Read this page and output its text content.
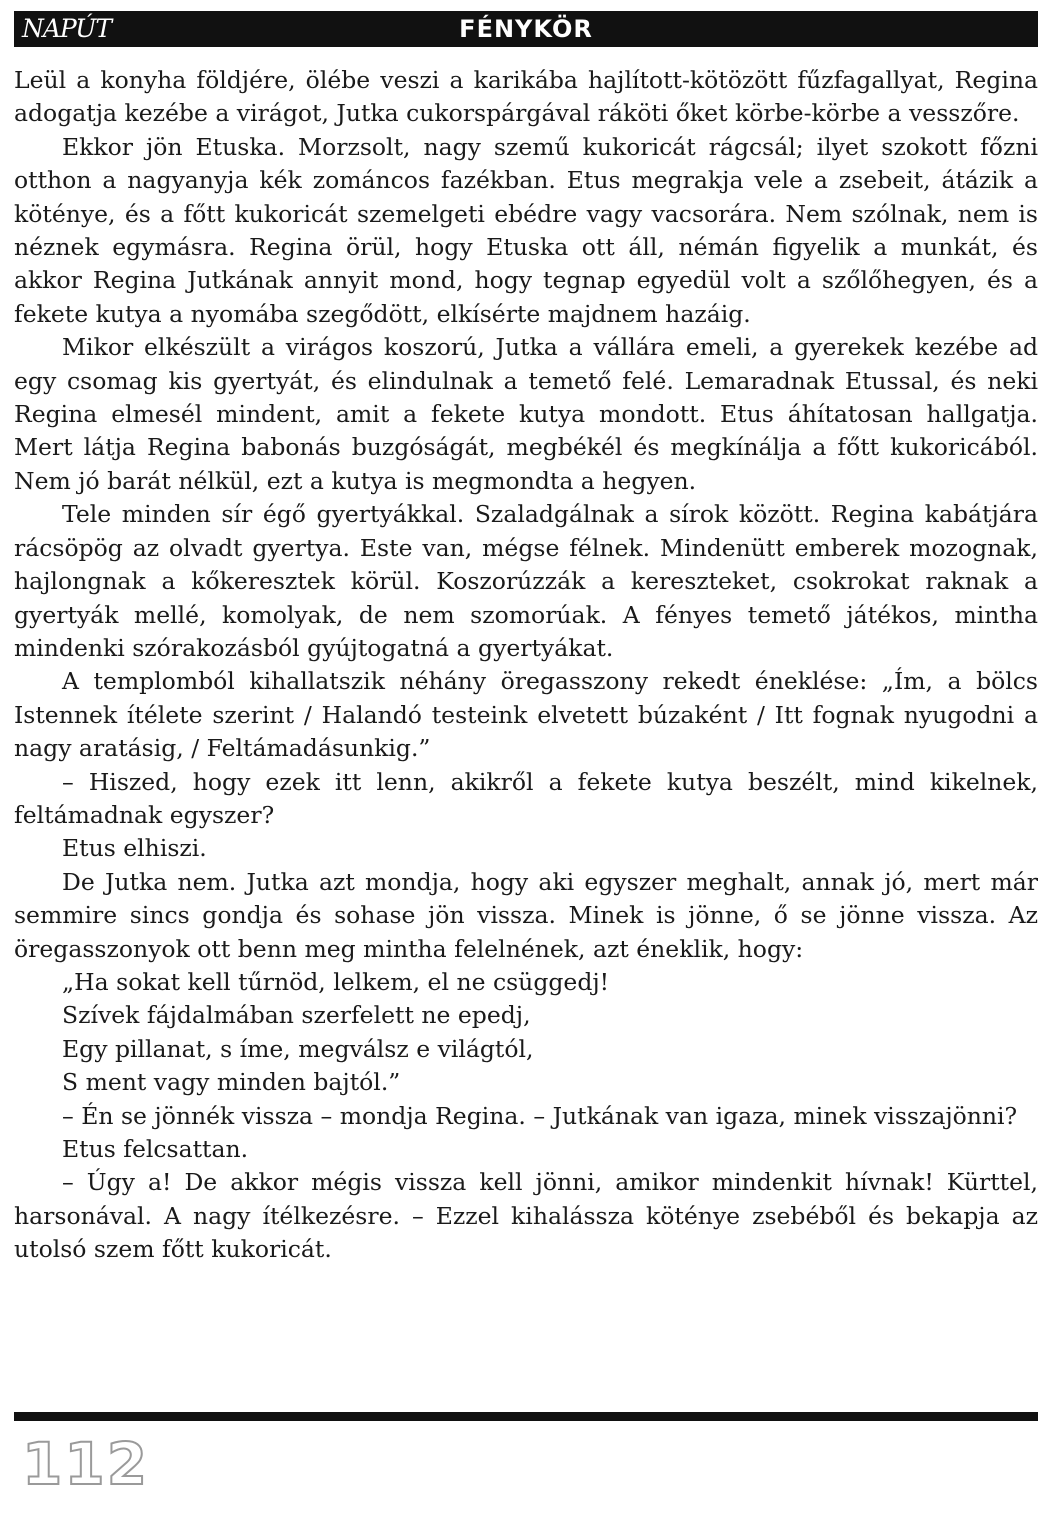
NAPÚT	FÉNYKÖR

Leül a konyha földjére, ölébe veszi a karikába hajlított-kötözött fűzfagallyat, Regina adogatja kezébe a virágot, Jutka cukorspárgával ráköti őket körbe-körbe a vesszőre.

Ekkor jön Etuska. Morzsolt, nagy szemű kukoricát rágcsál; ilyet szokott főzni otthon a nagyanyja kék zománcos fazékban. Etus megrakja vele a zsebeit, átázik a kötényе, és a főtt kukoricát szemelgeti ebédre vagy vacsorára. Nem szólnak, nem is néznek egymásra. Regina örül, hogy Etuska ott áll, némán figyelik a munkát, és akkor Regina Jutkának annyit mond, hogy tegnap egyedül volt a szőlőhegyen, és a fekete kutya a nyomába szegődött, elkísérte majdnem hazáig.

Mikor elkészült a virágos koszorú, Jutka a vállára emeli, a gyerekek kezébe ad egy csomag kis gyertyát, és elindulnak a temető felé. Lemaradnak Etussal, és neki Regina elmesél mindent, amit a fekete kutya mondott. Etus áhítatosan hallgatja. Mert látja Regina babonás buzgóságát, megbékél és megkínálja a főtt kukoricából. Nem jó barát nélkül, ezt a kutya is megmondta a hegyen.

Tele minden sír égő gyertyákkal. Szaladgálnak a sírok között. Regina kabátjára rácsöpög az olvadt gyertya. Este van, mégse félnek. Mindenütt emberek mozognak, hajlongnak a kőkeresztek körül. Koszorúzzák a kereszteket, csokrokat raknak a gyertyák mellé, komolyak, de nem szomorúak. A fényes temető játékos, mintha mindenki szórakozásból gyújtogatná a gyertyákat.

A templomból kihallatszik néhány öregasszony rekedt éneklése: „Ím, a bölcs Istennek ítélete szerint / Halandó testeink elvetett búzaként / Itt fognak nyugodni a nagy aratásig, / Feltámadásunkig.”

– Hiszed, hogy ezek itt lenn, akikről a fekete kutya beszélt, mind kikelnek, feltámadnak egyszer?

Etus elhiszi.

De Jutka nem. Jutka azt mondja, hogy aki egyszer meghalt, annak jó, mert már semmire sincs gondja és sohase jön vissza. Minek is jönne, ő se jönne vissza. Az öregasszonyok ott benn meg mintha felelnének, azt éneklik, hogy:

„Ha sokat kell tűrnöd, lelkem, el ne csüggedj!

Szívek fájdalmában szerfelett ne epedj,

Egy pillanat, s íme, megválsz e világtól,

S ment vagy minden bajtól.”

– Én se jönnék vissza – mondja Regina. – Jutkának van igaza, minek visszajönni?

Etus felcsattan.

– Úgy a! De akkor mégis vissza kell jönni, amikor mindenkit hívnak! Kürttel, harsonával. A nagy ítélkezésre. – Ezzel kihalássza kötényе zsebéből és bekapja az utolsó szem főtt kukoricát.

112
